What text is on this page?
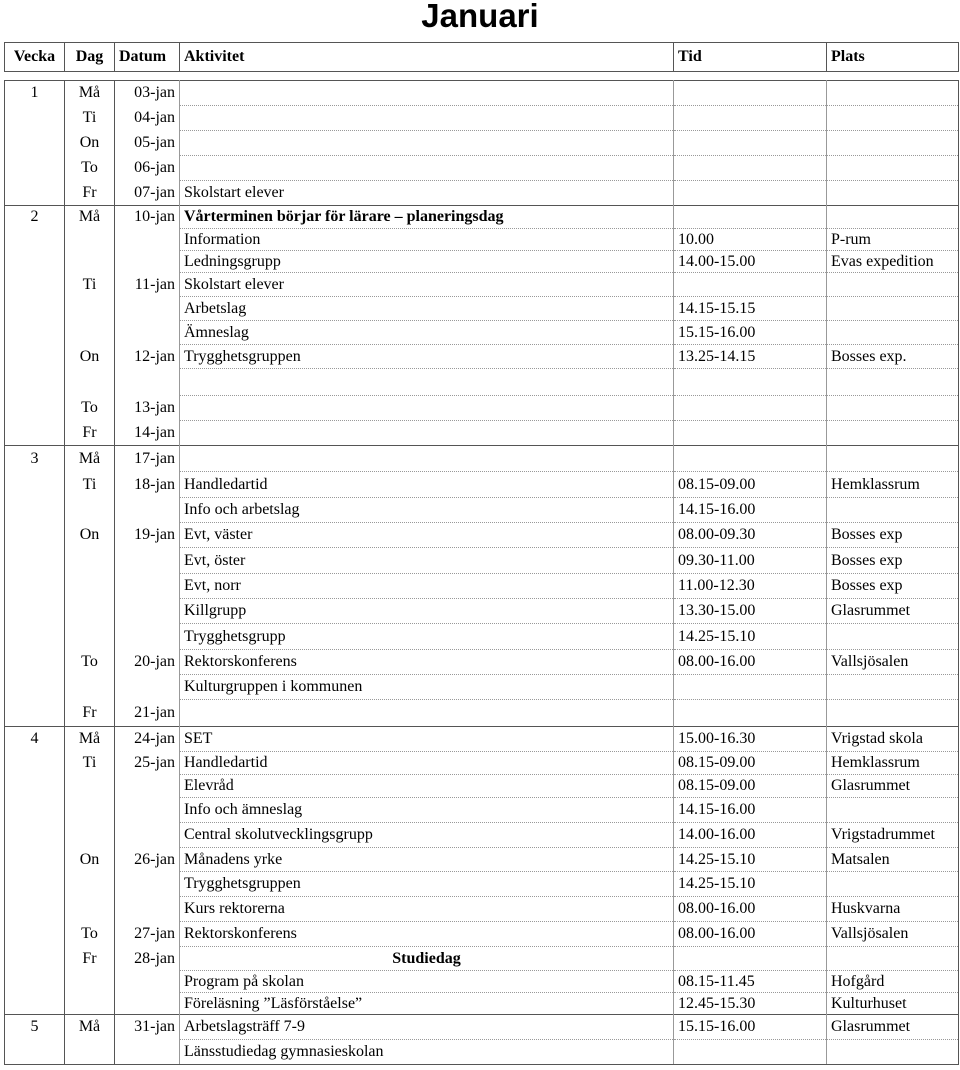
Januari
Vecka	Dag	Datum	Aktivitet	Tid	Plats

1	Må	03-jan			
	Ti	04-jan			
	On	05-jan			
	To	06-jan			
	Fr	07-jan	Skolstart elever		
2	Må	10-jan	Vårterminen börjar för lärare – planeringsdag		
			Information	10.00	P-rum
			Ledningsgrupp	14.00-15.00	Evas expedition
	Ti	11-jan	Skolstart elever		
			Arbetslag	14.15-15.15	
			Ämneslag	15.15-16.00	
	On	12-jan	Trygghetsgruppen	13.25-14.15	Bosses exp.

	To	13-jan			
	Fr	14-jan			
3	Må	17-jan			
	Ti	18-jan	Handledartid	08.15-09.00	Hemklassrum
			Info och arbetslag	14.15-16.00	
	On	19-jan	Evt, väster	08.00-09.30	Bosses exp
			Evt, öster	09.30-11.00	Bosses exp
			Evt, norr	11.00-12.30	Bosses exp
			Killgrupp	13.30-15.00	Glasrummet
			Trygghetsgrupp	14.25-15.10	
	To	20-jan	Rektorskonferens	08.00-16.00	Vallsjösalen
			Kulturgruppen i kommunen		
	Fr	21-jan			
4	Må	24-jan	SET	15.00-16.30	Vrigstad skola
	Ti	25-jan	Handledartid	08.15-09.00	Hemklassrum
			Elevråd	08.15-09.00	Glasrummet
			Info och ämneslag	14.15-16.00	
			Central skolutvecklingsgrupp	14.00-16.00	Vrigstadrummet
	On	26-jan	Månadens yrke	14.25-15.10	Matsalen
			Trygghetsgruppen	14.25-15.10	
			Kurs rektorerna	08.00-16.00	Huskvarna
	To	27-jan	Rektorskonferens	08.00-16.00	Vallsjösalen
	Fr	28-jan	Studiedag		
			Program på skolan	08.15-11.45	Hofgård
			Föreläsning ”Läsförståelse”	12.45-15.30	Kulturhuset
5	Må	31-jan	Arbetslagsträff 7-9	15.15-16.00	Glasrummet
			Länsstudiedag gymnasieskolan		
